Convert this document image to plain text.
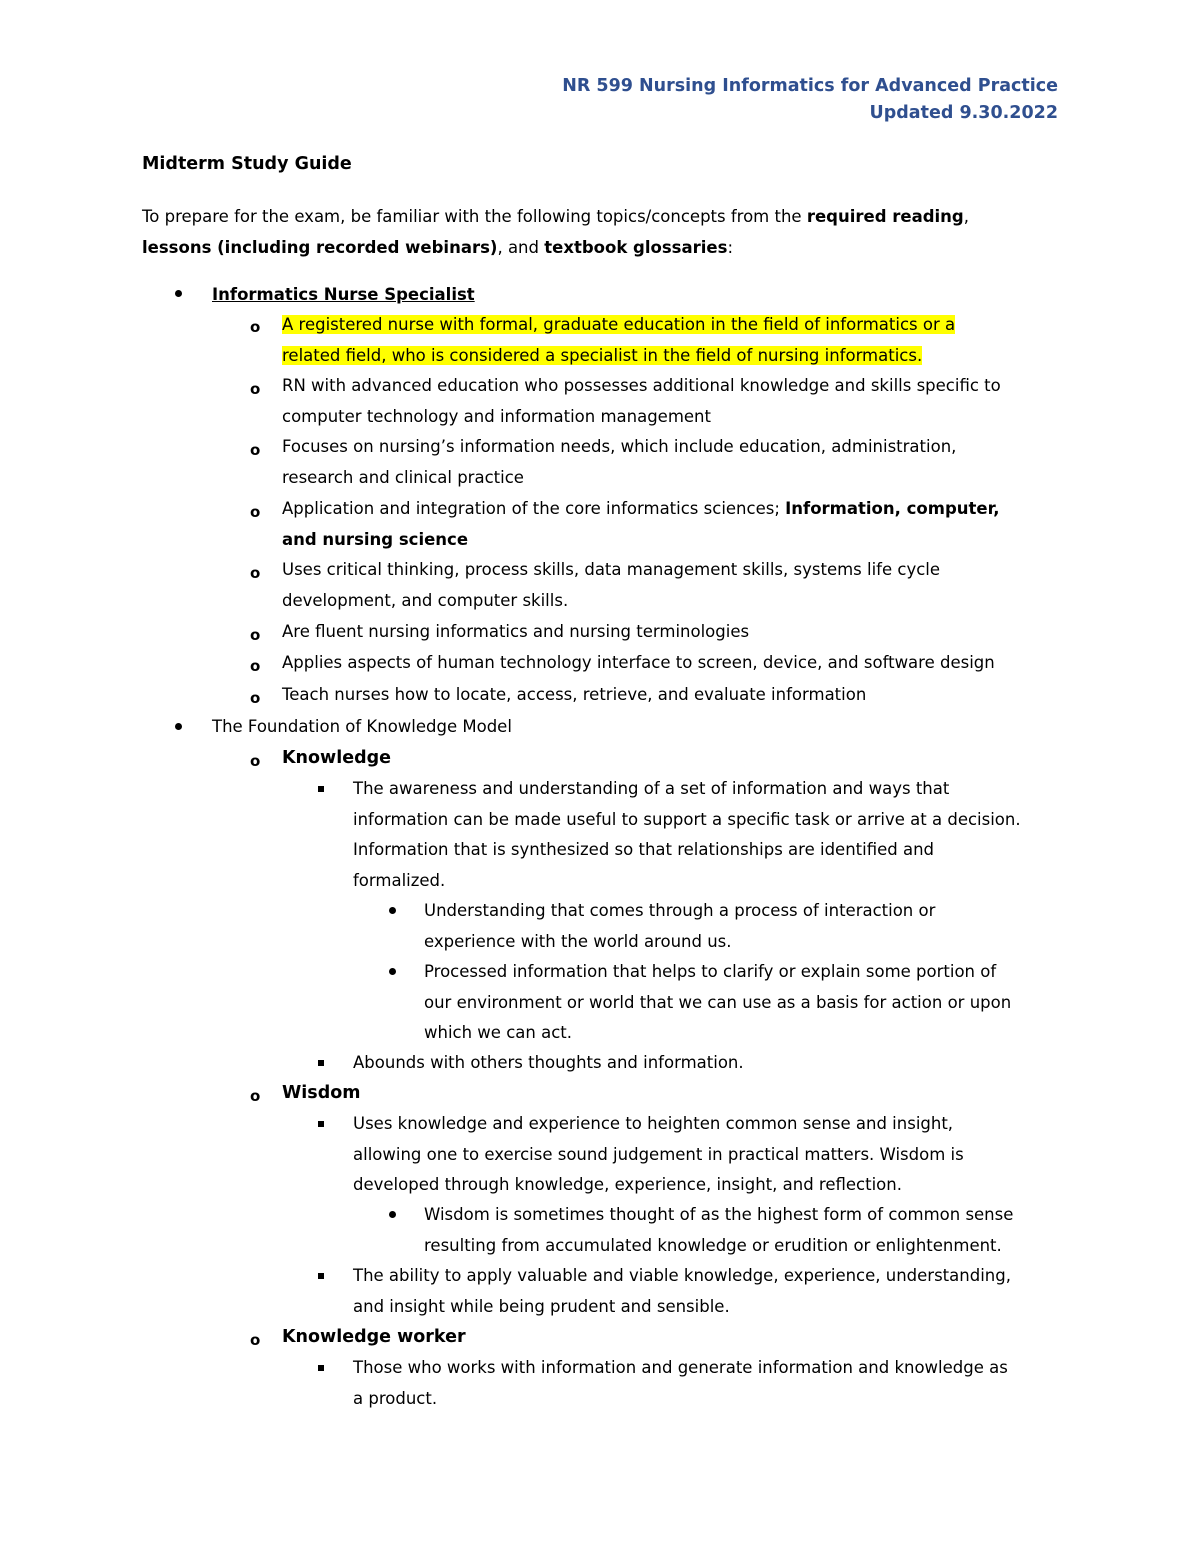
NR 599 Nursing Informatics for Advanced Practice
Updated 9.30.2022
Midterm Study Guide
To prepare for the exam, be familiar with the following topics/concepts from the required reading,
lessons (including recorded webinars), and textbook glossaries:
Informatics Nurse Specialist
o A registered nurse with formal, graduate education in the field of informatics or a
related field, who is considered a specialist in the field of nursing informatics.
o RN with advanced education who possesses additional knowledge and skills specific to
computer technology and information management
o Focuses on nursing’s information needs, which include education, administration,
research and clinical practice
o Application and integration of the core informatics sciences; Information, computer,
and nursing science
o Uses critical thinking, process skills, data management skills, systems life cycle
development, and computer skills.
o Are fluent nursing informatics and nursing terminologies
o Applies aspects of human technology interface to screen, device, and software design
o Teach nurses how to locate, access, retrieve, and evaluate information
The Foundation of Knowledge Model
o Knowledge
The awareness and understanding of a set of information and ways that
information can be made useful to support a specific task or arrive at a decision.
Information that is synthesized so that relationships are identified and
formalized.
Understanding that comes through a process of interaction or
experience with the world around us.
Processed information that helps to clarify or explain some portion of
our environment or world that we can use as a basis for action or upon
which we can act.
Abounds with others thoughts and information.
o Wisdom
Uses knowledge and experience to heighten common sense and insight,
allowing one to exercise sound judgement in practical matters. Wisdom is
developed through knowledge, experience, insight, and reflection.
Wisdom is sometimes thought of as the highest form of common sense
resulting from accumulated knowledge or erudition or enlightenment.
The ability to apply valuable and viable knowledge, experience, understanding,
and insight while being prudent and sensible.
o Knowledge worker
Those who works with information and generate information and knowledge as
a product.
